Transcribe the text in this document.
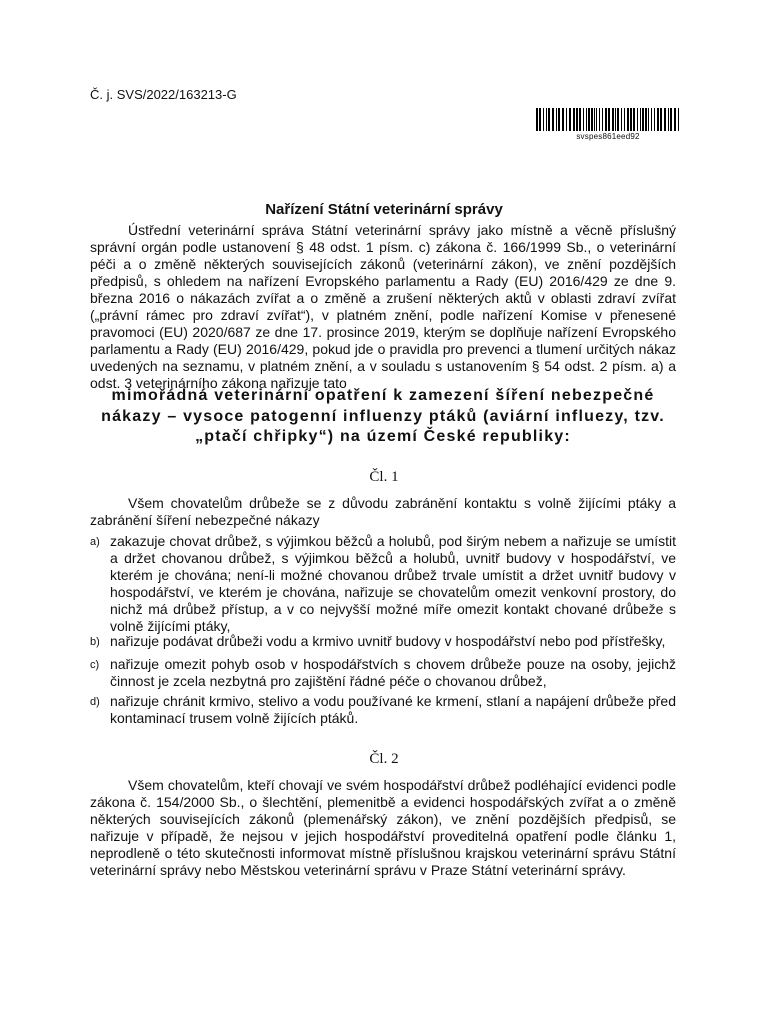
Č. j. SVS/2022/163213-G
svspes861eed92
Nařízení Státní veterinární správy

Ústřední veterinární správa Státní veterinární správy jako místně a věcně příslušný správní orgán podle ustanovení § 48 odst. 1 písm. c) zákona č. 166/1999 Sb., o veterinární péči a o změně některých souvisejících zákonů (veterinární zákon), ve znění pozdějších předpisů, s ohledem na nařízení Evropského parlamentu a Rady (EU) 2016/429 ze dne 9. března 2016 o nákazách zvířat a o změně a zrušení některých aktů v oblasti zdraví zvířat („právní rámec pro zdraví zvířat“), v platném znění, podle nařízení Komise v přenesené pravomoci (EU) 2020/687 ze dne 17. prosince 2019, kterým se doplňuje nařízení Evropského parlamentu a Rady (EU) 2016/429, pokud jde o pravidla pro prevenci a tlumení určitých nákaz uvedených na seznamu, v platném znění, a v souladu s ustanovením § 54 odst. 2 písm. a) a odst. 3 veterinárního zákona nařizuje tato

mimořádná veterinární opatření k zamezení šíření nebezpečné nákazy – vysoce patogenní influenzy ptáků (aviární influezy, tzv. „ptačí chřipky“) na území České republiky:
Čl. 1

Všem chovatelům drůbeže se z důvodu zabránění kontaktu s volně žijícími ptáky a zabránění šíření nebezpečné nákazy

a) zakazuje chovat drůbež, s výjimkou běžců a holubů, pod širým nebem a nařizuje se umístit a držet chovanou drůbež, s výjimkou běžců a holubů, uvnitř budovy v hospodářství, ve kterém je chována; není-li možné chovanou drůbež trvale umístit a držet uvnitř budovy v hospodářství, ve kterém je chována, nařizuje se chovatelům omezit venkovní prostory, do nichž má drůbež přístup, a v co nejvyšší možné míře omezit kontakt chované drůbeže s volně žijícími ptáky,
b) nařizuje podávat drůbeži vodu a krmivo uvnitř budovy v hospodářství nebo pod přístřešky,
c) nařizuje omezit pohyb osob v hospodářstvích s chovem drůbeže pouze na osoby, jejichž činnost je zcela nezbytná pro zajištění řádné péče o chovanou drůbež,
d) nařizuje chránit krmivo, stelivo a vodu používané ke krmení, stlaní a napájení drůbeže před kontaminací trusem volně žijících ptáků.
Čl. 2

Všem chovatelům, kteří chovají ve svém hospodářství drůbež podléhající evidenci podle zákona č. 154/2000 Sb., o šlechtění, plemenitbě a evidenci hospodářských zvířat a o změně některých souvisejících zákonů (plemenářský zákon), ve znění pozdějších předpisů, se nařizuje v případě, že nejsou v jejich hospodářství proveditelná opatření podle článku 1, neprodleně o této skutečnosti informovat místně příslušnou krajskou veterinární správu Státní veterinární správy nebo Městskou veterinární správu v Praze Státní veterinární správy.
